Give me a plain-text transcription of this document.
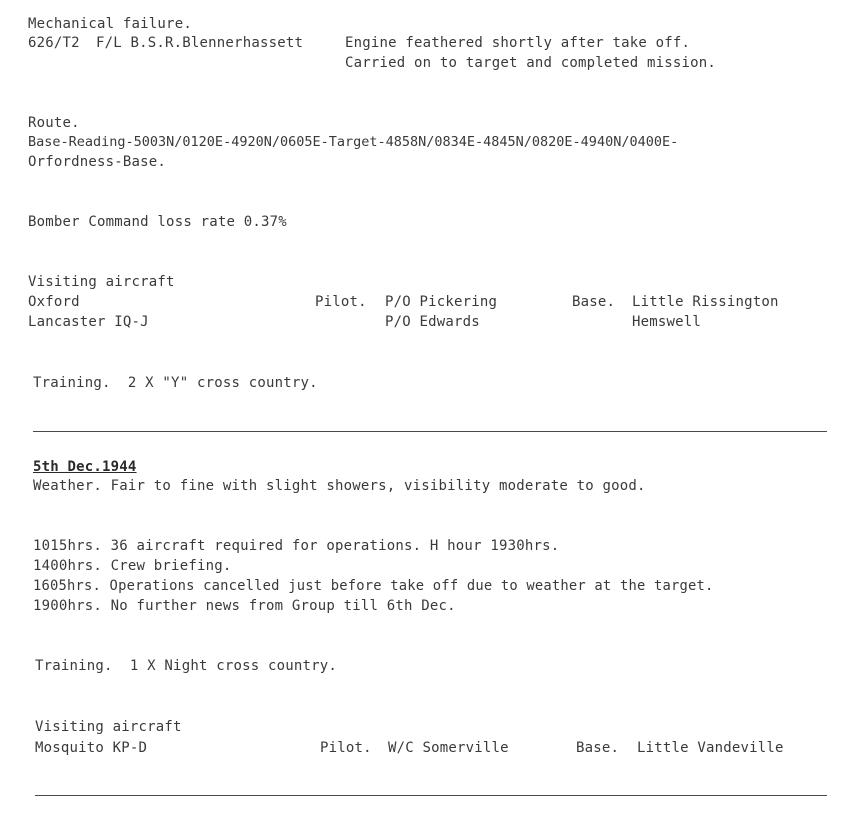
Mechanical failure.
626/T2 F/L B.S.R.Blennerhassett	Engine feathered shortly after take off.
Carried on to target and completed mission.
Route.
Base-Reading-5003N/0120E-4920N/0605E-Target-4858N/0834E-4845N/0820E-4940N/0400E-
Orfordness-Base.
Bomber Command loss rate 0.37%
Visiting aircraft
Oxford	Pilot. P/O Pickering	Base. Little Rissington
Lancaster IQ-J	P/O Edwards	Hemswell
Training.  2 X "Y" cross country.
5th Dec.1944
Weather. Fair to fine with slight showers, visibility moderate to good.
1015hrs. 36 aircraft required for operations. H hour 1930hrs.
1400hrs. Crew briefing.
1605hrs. Operations cancelled just before take off due to weather at the target.
1900hrs. No further news from Group till 6th Dec.
Training.  1 X Night cross country.
Visiting aircraft
Mosquito KP-D	Pilot. W/C Somerville	Base. Little Vandeville
